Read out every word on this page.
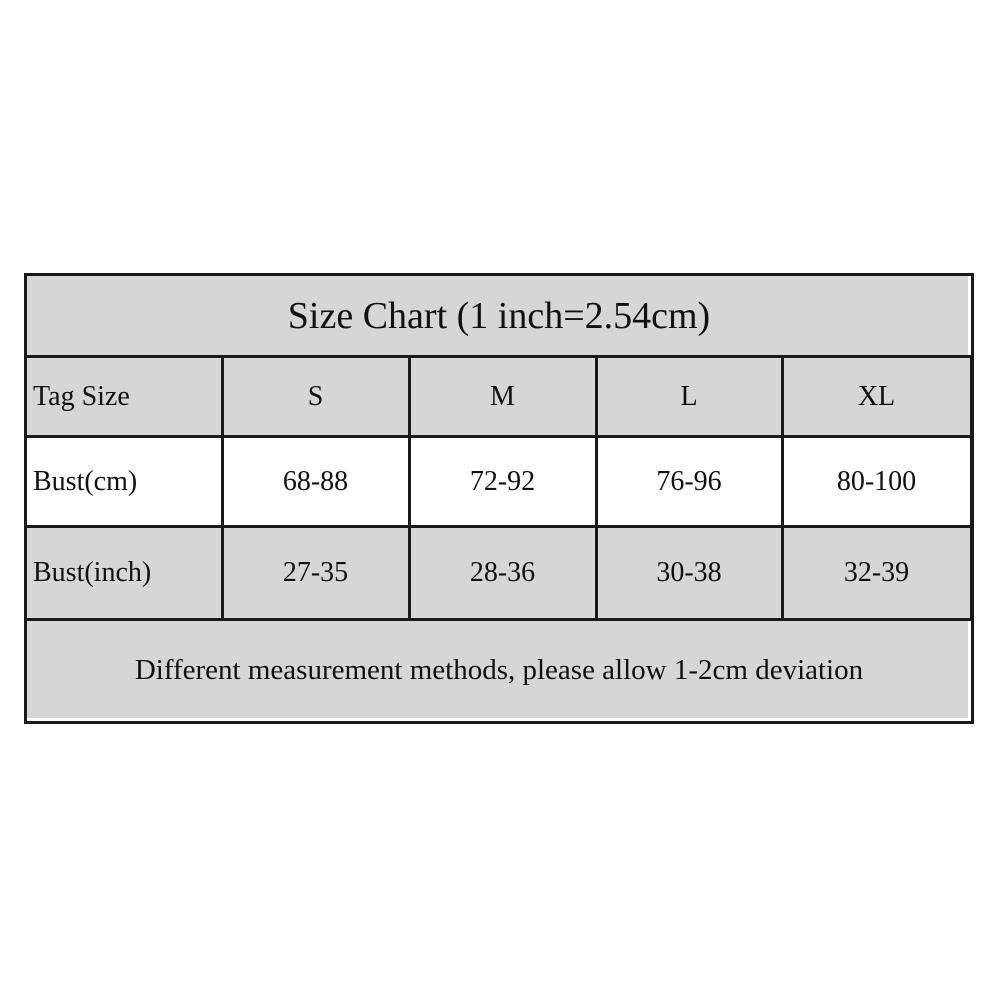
Size Chart (1 inch=2.54cm)
Tag Size	S	M	L	XL
Bust(cm)	68-88	72-92	76-96	80-100
Bust(inch)	27-35	28-36	30-38	32-39
Different measurement methods, please allow 1-2cm deviation
